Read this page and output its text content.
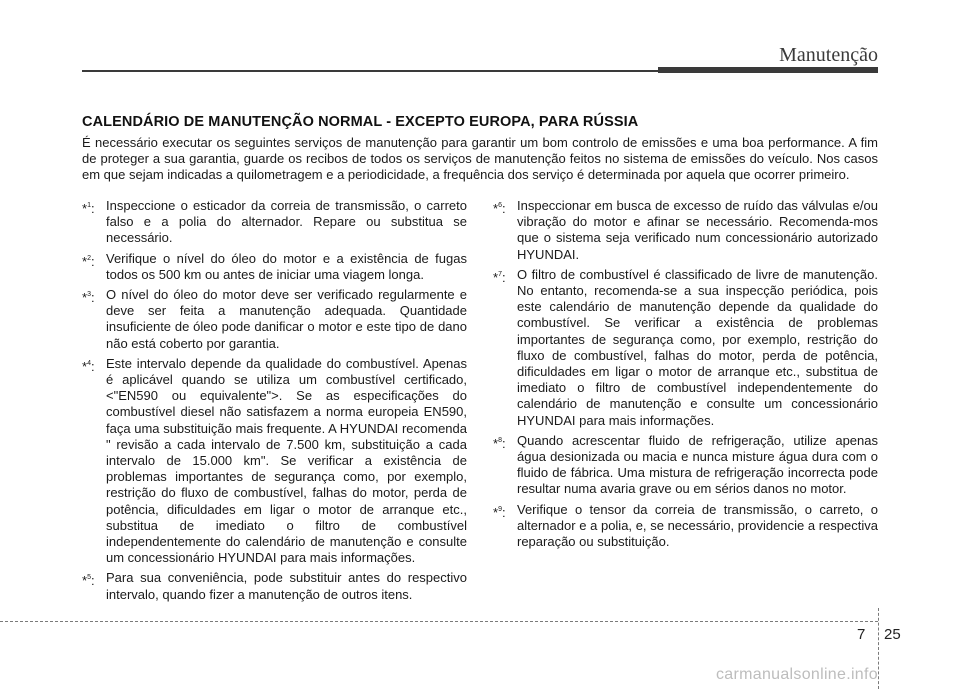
Manutenção
CALENDÁRIO DE MANUTENÇÃO NORMAL - EXCEPTO EUROPA, PARA RÚSSIA

É necessário executar os seguintes serviços de manutenção para garantir um bom controlo de emissões e uma boa performance. A fim de proteger a sua garantia, guarde os recibos de todos os serviços de manutenção feitos no sistema de emissões do veículo. Nos casos em que sejam indicadas a quilometragem e a periodicidade, a frequência dos serviço é determinada por aquela que ocorrer primeiro.

*$^1$: Inspeccione o esticador da correia de transmissão, o carreto falso e a polia do alternador. Repare ou substitua se necessário.
*$^2$: Verifique o nível do óleo do motor e a existência de fugas todos os 500 km ou antes de iniciar uma viagem longa.
*$^3$: O nível do óleo do motor deve ser verificado regularmente e deve ser feita a manutenção adequada. Quantidade insuficiente de óleo pode danificar o motor e este tipo de dano não está coberto por garantia.
*$^4$: Este intervalo depende da qualidade do combustível. Apenas é aplicável quando se utiliza um combustível certificado, <"EN590 ou equivalente">. Se as especificações do combustível diesel não satisfazem a norma europeia EN590, faça uma substituição mais frequente. A HYUNDAI recomenda " revisão a cada intervalo de 7.500 km, substituição a cada intervalo de 15.000 km". Se verificar a existência de problemas importantes de segurança como, por exemplo, restrição do fluxo de combustível, falhas do motor, perda de potência, dificuldades em ligar o motor de arranque etc., substitua de imediato o filtro de combustível independentemente do calendário de manutenção e consulte um concessionário HYUNDAI para mais informações.
*$^5$: Para sua conveniência, pode substituir antes do respectivo intervalo, quando fizer a manutenção de outros itens.
*$^6$: Inspeccionar em busca de excesso de ruído das válvulas e/ou vibração do motor e afinar se necessário. Recomenda-mos que o sistema seja verificado num concessionário autorizado HYUNDAI.
*$^7$: O filtro de combustível é classificado de livre de manutenção. No entanto, recomenda-se a sua inspecção periódica, pois este calendário de manutenção depende da qualidade do combustível. Se verificar a existência de problemas importantes de segurança como, por exemplo, restrição do fluxo de combustível, falhas do motor, perda de potência, dificuldades em ligar o motor de arranque etc., substitua de imediato o filtro de combustível independentemente do calendário de manutenção e consulte um concessionário HYUNDAI para mais informações.
*$^8$: Quando acrescentar fluido de refrigeração, utilize apenas água desionizada ou macia e nunca misture água dura com o fluido de fábrica. Uma mistura de refrigeração incorrecta pode resultar numa avaria grave ou em sérios danos no motor.
*$^9$: Verifique o tensor da correia de transmissão, o carreto, o alternador e a polia, e, se necessário, providencie a respectiva reparação ou substituição.
7 25
carmanualsonline.info
